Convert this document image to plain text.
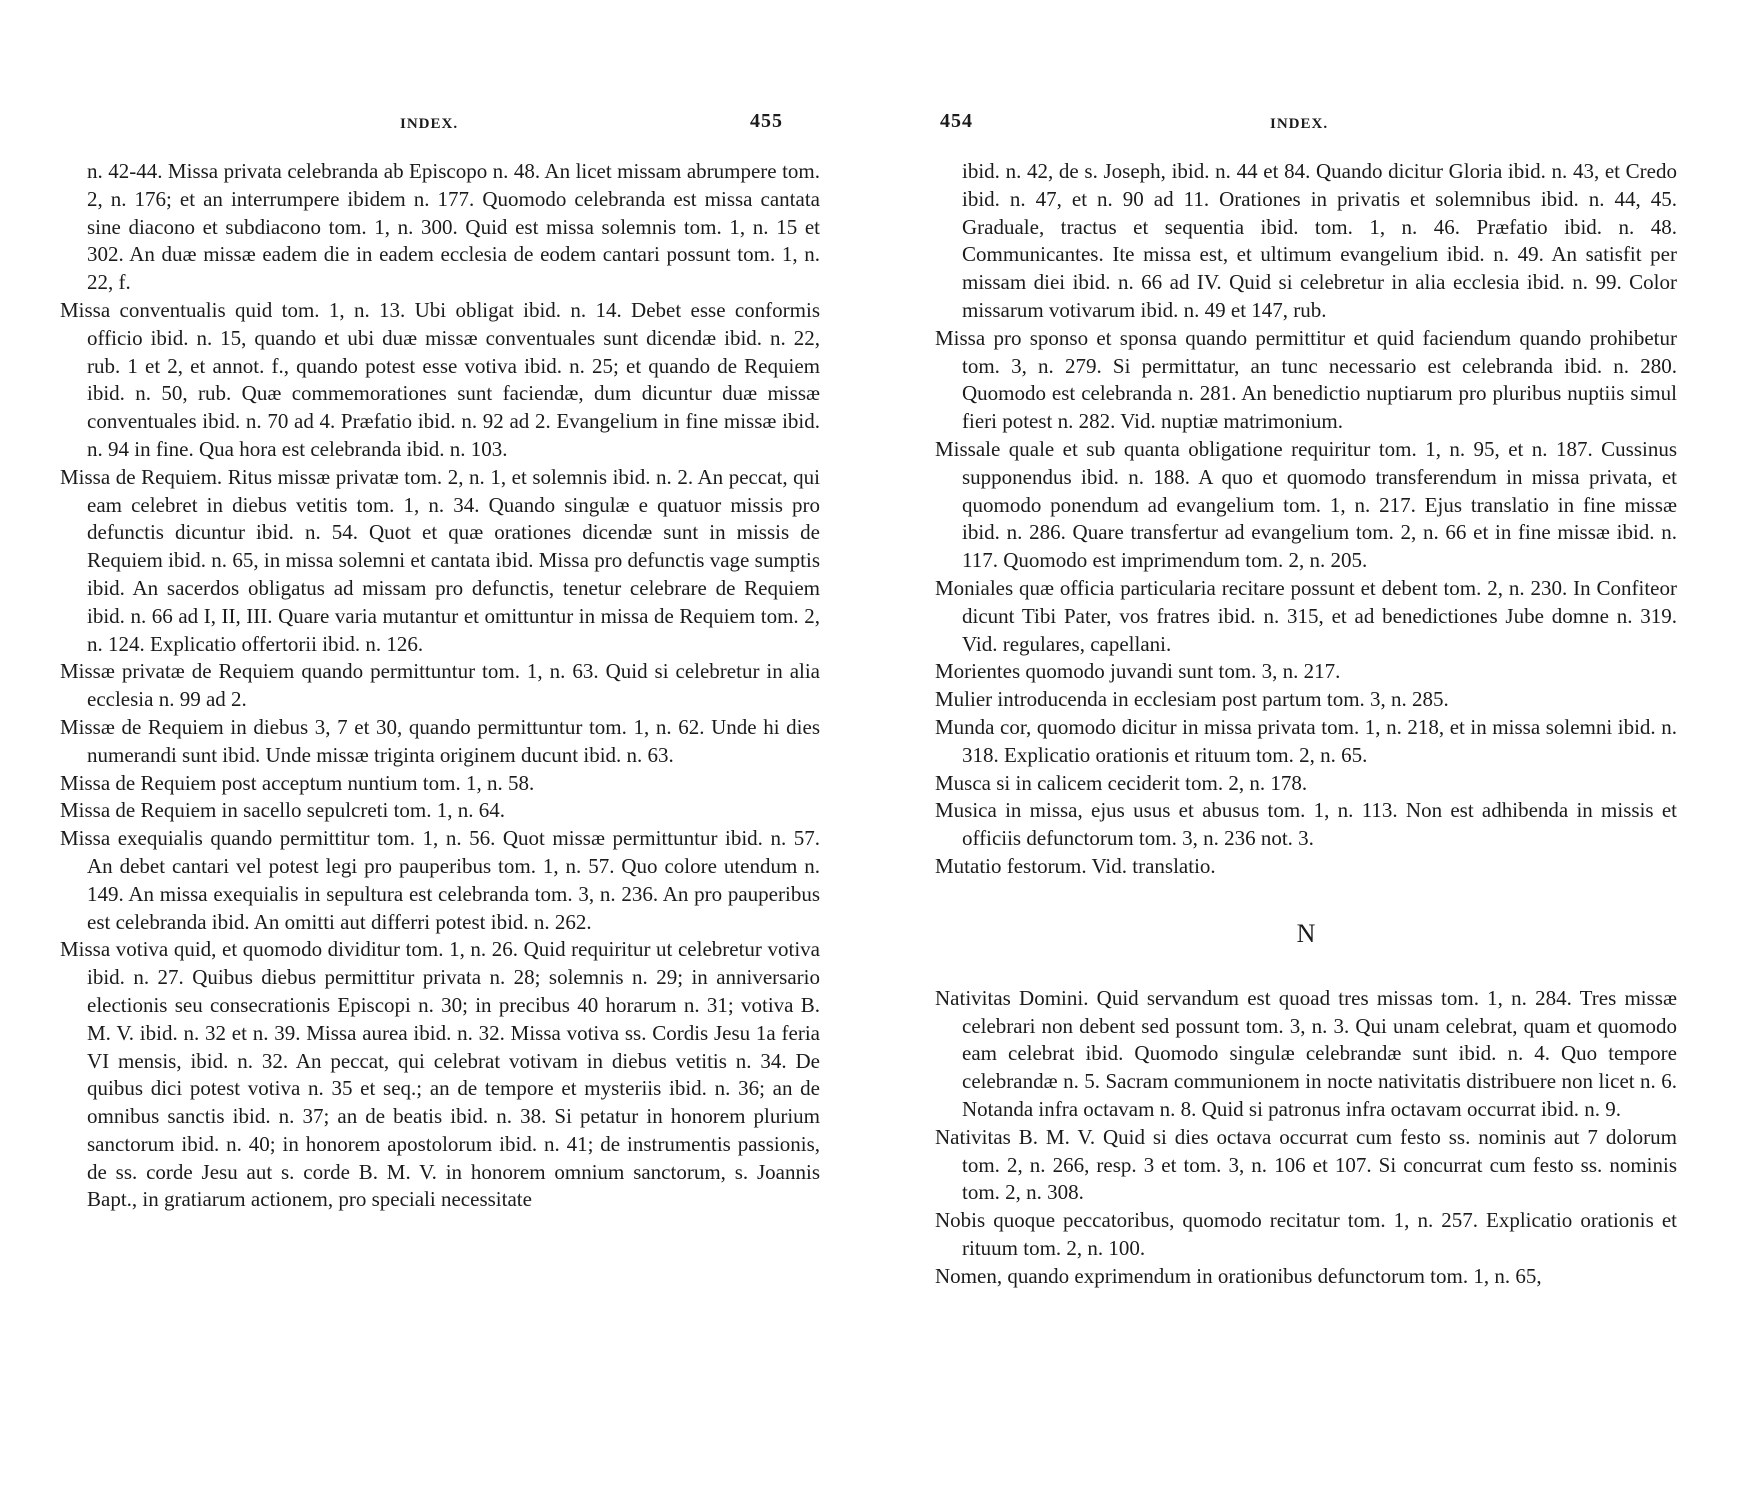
INDEX.	455

n. 42-44. Missa privata celebranda ab Episcopo n. 48. An licet missam abrumpere tom. 2, n. 176; et an interrumpere ibidem n. 177. Quomodo celebranda est missa cantata sine diacono et subdiacono tom. 1, n. 300. Quid est missa solemnis tom. 1, n. 15 et 302. An duæ missæ eadem die in eadem ecclesia de eodem cantari possunt tom. 1, n. 22, f.

Missa conventualis quid tom. 1, n. 13. Ubi obligat ibid. n. 14. Debet esse conformis officio ibid. n. 15, quando et ubi duæ missæ conventuales sunt dicendæ ibid. n. 22, rub. 1 et 2, et annot. f., quando potest esse votiva ibid. n. 25; et quando de Requiem ibid. n. 50, rub. Quæ commemorationes sunt faciendæ, dum dicuntur duæ missæ conventuales ibid. n. 70 ad 4. Præfatio ibid. n. 92 ad 2. Evangelium in fine missæ ibid. n. 94 in fine. Qua hora est celebranda ibid. n. 103.

Missa de Requiem. Ritus missæ privatæ tom. 2, n. 1, et solemnis ibid. n. 2. An peccat, qui eam celebret in diebus vetitis tom. 1, n. 34. Quando singulæ e quatuor missis pro defunctis dicuntur ibid. n. 54. Quot et quæ orationes dicendæ sunt in missis de Requiem ibid. n. 65, in missa solemni et cantata ibid. Missa pro defunctis vage sumptis ibid. An sacerdos obligatus ad missam pro defunctis, tenetur celebrare de Requiem ibid. n. 66 ad I, II, III. Quare varia mutantur et omittuntur in missa de Requiem tom. 2, n. 124. Explicatio offertorii ibid. n. 126.

Missæ privatæ de Requiem quando permittuntur tom. 1, n. 63. Quid si celebretur in alia ecclesia n. 99 ad 2.

Missæ de Requiem in diebus 3, 7 et 30, quando permittuntur tom. 1, n. 62. Unde hi dies numerandi sunt ibid. Unde missæ triginta originem ducunt ibid. n. 63.

Missa de Requiem post acceptum nuntium tom. 1, n. 58.

Missa de Requiem in sacello sepulcreti tom. 1, n. 64.

Missa exequialis quando permittitur tom. 1, n. 56. Quot missæ permittuntur ibid. n. 57. An debet cantari vel potest legi pro pauperibus tom. 1, n. 57. Quo colore utendum n. 149. An missa exequialis in sepultura est celebranda tom. 3, n. 236. An pro pauperibus est celebranda ibid. An omitti aut differri potest ibid. n. 262.

Missa votiva quid, et quomodo dividitur tom. 1, n. 26. Quid requiritur ut celebretur votiva ibid. n. 27. Quibus diebus permittitur privata n. 28; solemnis n. 29; in anniversario electionis seu consecrationis Episcopi n. 30; in precibus 40 horarum n. 31; votiva B. M. V. ibid. n. 32 et n. 39. Missa aurea ibid. n. 32. Missa votiva ss. Cordis Jesu 1a feria VI mensis, ibid. n. 32. An peccat, qui celebrat votivam in diebus vetitis n. 34. De quibus dici potest votiva n. 35 et seq.; an de tempore et mysteriis ibid. n. 36; an de omnibus sanctis ibid. n. 37; an de beatis ibid. n. 38. Si petatur in honorem plurium sanctorum ibid. n. 40; in honorem apostolorum ibid. n. 41; de instrumentis passionis, de ss. corde Jesu aut s. corde B. M. V. in honorem omnium sanctorum, s. Joannis Bapt., in gratiarum actionem, pro speciali necessitate

454	INDEX.

ibid. n. 42, de s. Joseph, ibid. n. 44 et 84. Quando dicitur Gloria ibid. n. 43, et Credo ibid. n. 47, et n. 90 ad 11. Orationes in privatis et solemnibus ibid. n. 44, 45. Graduale, tractus et sequentia ibid. tom. 1, n. 46. Præfatio ibid. n. 48. Communicantes. Ite missa est, et ultimum evangelium ibid. n. 49. An satisfit per missam diei ibid. n. 66 ad IV. Quid si celebretur in alia ecclesia ibid. n. 99. Color missarum votivarum ibid. n. 49 et 147, rub.

Missa pro sponso et sponsa quando permittitur et quid faciendum quando prohibetur tom. 3, n. 279. Si permittatur, an tunc necessario est celebranda ibid. n. 280. Quomodo est celebranda n. 281. An benedictio nuptiarum pro pluribus nuptiis simul fieri potest n. 282. Vid. nuptiæ matrimonium.

Missale quale et sub quanta obligatione requiritur tom. 1, n. 95, et n. 187. Cussinus supponendus ibid. n. 188. A quo et quomodo transferendum in missa privata, et quomodo ponendum ad evangelium tom. 1, n. 217. Ejus translatio in fine missæ ibid. n. 286. Quare transfertur ad evangelium tom. 2, n. 66 et in fine missæ ibid. n. 117. Quomodo est imprimendum tom. 2, n. 205.

Moniales quæ officia particularia recitare possunt et debent tom. 2, n. 230. In Confiteor dicunt Tibi Pater, vos fratres ibid. n. 315, et ad benedictiones Jube domne n. 319. Vid. regulares, capellani.

Morientes quomodo juvandi sunt tom. 3, n. 217.

Mulier introducenda in ecclesiam post partum tom. 3, n. 285.

Munda cor, quomodo dicitur in missa privata tom. 1, n. 218, et in missa solemni ibid. n. 318. Explicatio orationis et rituum tom. 2, n. 65.

Musca si in calicem ceciderit tom. 2, n. 178.

Musica in missa, ejus usus et abusus tom. 1, n. 113. Non est adhibenda in missis et officiis defunctorum tom. 3, n. 236 not. 3.

Mutatio festorum. Vid. translatio.

N

Nativitas Domini. Quid servandum est quoad tres missas tom. 1, n. 284. Tres missæ celebrari non debent sed possunt tom. 3, n. 3. Qui unam celebrat, quam et quomodo eam celebrat ibid. Quomodo singulæ celebrandæ sunt ibid. n. 4. Quo tempore celebrandæ n. 5. Sacram communionem in nocte nativitatis distribuere non licet n. 6. Notanda infra octavam n. 8. Quid si patronus infra octavam occurrat ibid. n. 9.

Nativitas B. M. V. Quid si dies octava occurrat cum festo ss. nominis aut 7 dolorum tom. 2, n. 266, resp. 3 et tom. 3, n. 106 et 107. Si concurrat cum festo ss. nominis tom. 2, n. 308.

Nobis quoque peccatoribus, quomodo recitatur tom. 1, n. 257. Explicatio orationis et rituum tom. 2, n. 100.

Nomen, quando exprimendum in orationibus defunctorum tom. 1, n. 65,
